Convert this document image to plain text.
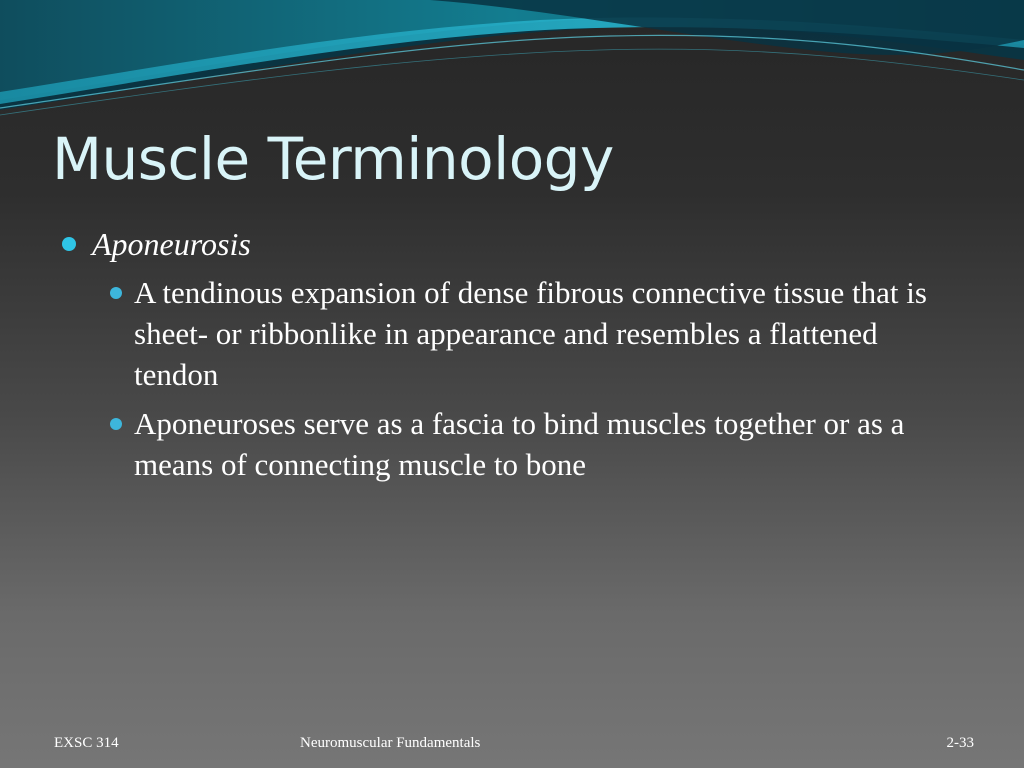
Muscle Terminology
Aponeurosis
A tendinous expansion of dense fibrous connective tissue that is sheet- or ribbonlike in appearance and resembles a flattened tendon
Aponeuroses serve as a fascia to bind muscles together or as a means of connecting muscle to bone
EXSC 314	Neuromuscular Fundamentals	2-33
